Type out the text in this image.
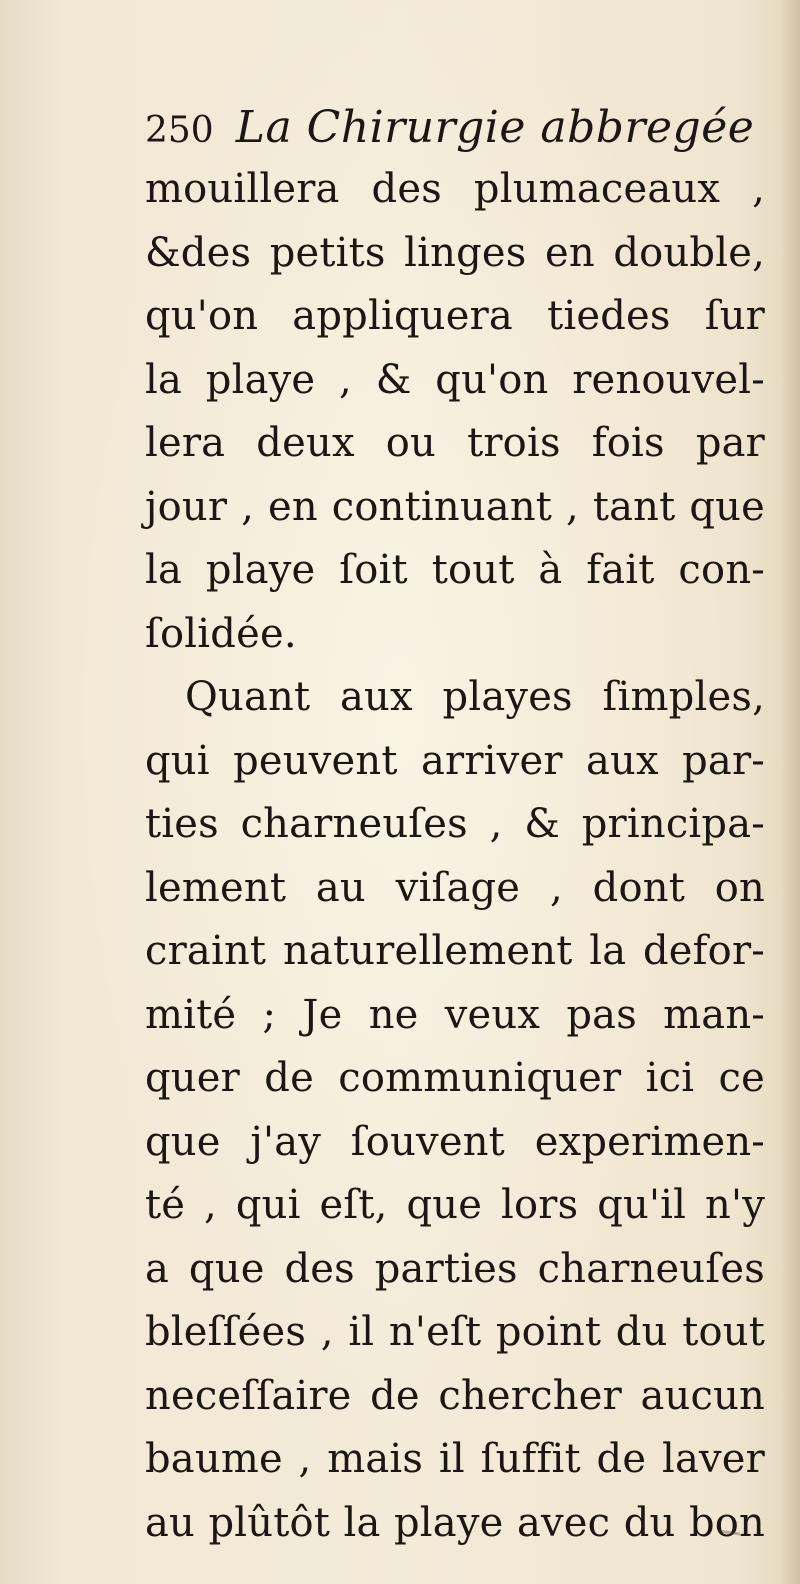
250 La Chirurgie abbregée
mouillera des plumaceaux ,
&des petits linges en double,
qu'on appliquera tiedes ſur
la playe , & qu'on renouvel-
lera deux ou trois fois par
jour , en continuant , tant que
la playe ſoit tout à fait con-
ſolidée.
Quant aux playes ſimples,
qui peuvent arriver aux par-
ties charneuſes , & principa-
lement au viſage , dont on
craint naturellement la defor-
mité ; Je ne veux pas man-
quer de communiquer ici ce
que j'ay ſouvent experimen-
té , qui eſt, que lors qu'il n'y
a que des parties charneuſes
bleſſées , il n'eſt point du tout
neceſſaire de chercher aucun
baume , mais il ſuffit de laver
au plûtôt la playe avec du bon
